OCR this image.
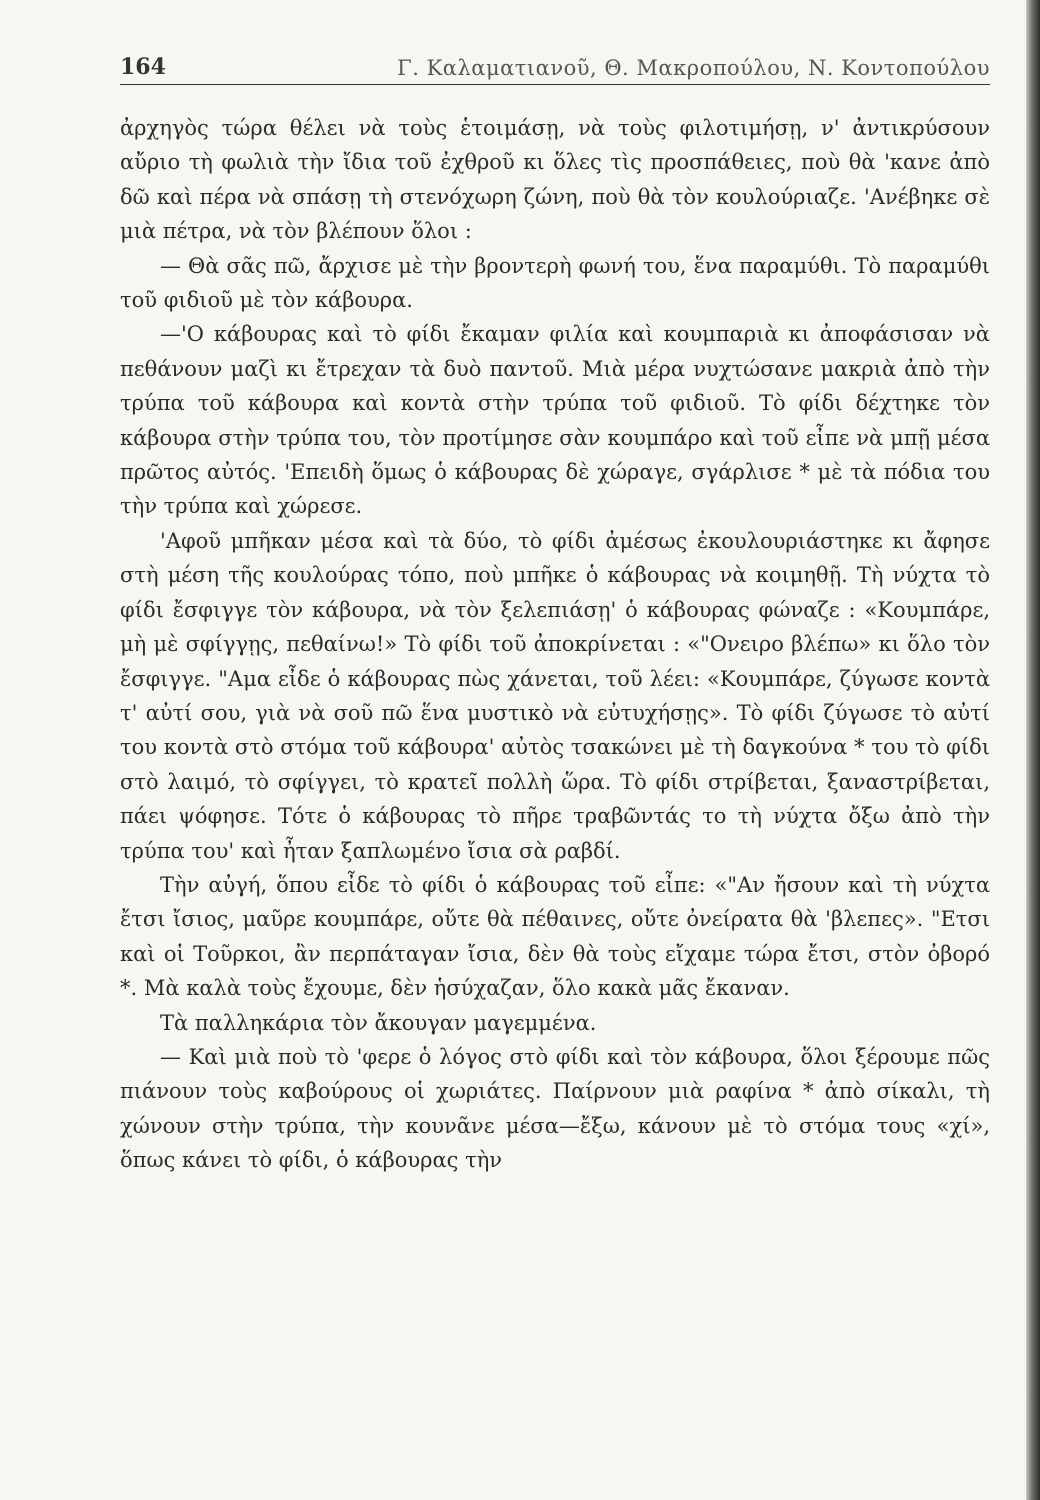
164	Γ. Καλαματιανοῦ, Θ. Μακροπούλου, Ν. Κοντοπούλου

ἀρχηγὸς τώρα θέλει νὰ τοὺς ἑτοιμάσῃ, νὰ τοὺς φιλοτιμήσῃ, ν' ἀντικρύσουν αὔριο τὴ φωλιὰ τὴν ἴδια τοῦ ἐχθροῦ κι ὅλες τὶς προσπάθειες, ποὺ θὰ 'κανε ἀπὸ δῶ καὶ πέρα νὰ σπάσῃ τὴ στενόχωρη ζώνη, ποὺ θὰ τὸν κουλούριαζε. 'Ανέβηκε σὲ μιὰ πέτρα, νὰ τὸν βλέπουν ὅλοι :

— Θὰ σᾶς πῶ, ἄρχισε μὲ τὴν βροντερὴ φωνή του, ἕνα παραμύθι. Τὸ παραμύθι τοῦ φιδιοῦ μὲ τὸν κάβουρα.

—'Ο κάβουρας καὶ τὸ φίδι ἔκαμαν φιλία καὶ κουμπαριὰ κι ἀποφάσισαν νὰ πεθάνουν μαζὶ κι ἔτρεχαν τὰ δυὸ παντοῦ. Μιὰ μέρα νυχτώσανε μακριὰ ἀπὸ τὴν τρύπα τοῦ κάβουρα καὶ κοντὰ στὴν τρύπα τοῦ φιδιοῦ. Τὸ φίδι δέχτηκε τὸν κάβουρα στὴν τρύπα του, τὸν προτίμησε σὰν κουμπάρο καὶ τοῦ εἶπε νὰ μπῇ μέσα πρῶτος αὐτός. 'Επειδὴ ὅμως ὁ κάβουρας δὲ χώραγε, σγάρλισε * μὲ τὰ πόδια του τὴν τρύπα καὶ χώρεσε.

'Αφοῦ μπῆκαν μέσα καὶ τὰ δύο, τὸ φίδι ἀμέσως ἐκουλουριάστηκε κι ἄφησε στὴ μέση τῆς κουλούρας τόπο, ποὺ μπῆκε ὁ κάβουρας νὰ κοιμηθῇ. Τὴ νύχτα τὸ φίδι ἔσφιγγε τὸν κάβουρα, νὰ τὸν ξελεπιάσῃ' ὁ κάβουρας φώναζε : «Κουμπάρε, μὴ μὲ σφίγγῃς, πεθαίνω!» Τὸ φίδι τοῦ ἀποκρίνεται : «"Ονειρο βλέπω» κι ὅλο τὸν ἔσφιγγε. "Αμα εἶδε ὁ κάβουρας πὼς χάνεται, τοῦ λέει: «Κουμπάρε, ζύγωσε κοντὰ τ' αὐτί σου, γιὰ νὰ σοῦ πῶ ἕνα μυστικὸ νὰ εὐτυχήσῃς». Τὸ φίδι ζύγωσε τὸ αὐτί του κοντὰ στὸ στόμα τοῦ κάβουρα' αὐτὸς τσακώνει μὲ τὴ δαγκούνα * του τὸ φίδι στὸ λαιμό, τὸ σφίγγει, τὸ κρατεῖ πολλὴ ὥρα. Τὸ φίδι στρίβεται, ξαναστρίβεται, πάει ψόφησε. Τότε ὁ κάβουρας τὸ πῆρε τραβῶντάς το τὴ νύχτα ὄξω ἀπὸ τὴν τρύπα του' καὶ ἦταν ξαπλωμένο ἴσια σὰ ραβδί.

Τὴν αὐγή, ὅπου εἶδε τὸ φίδι ὁ κάβουρας τοῦ εἶπε: «"Αν ἤσουν καὶ τὴ νύχτα ἔτσι ἴσιος, μαῦρε κουμπάρε, οὔτε θὰ πέθαινες, οὔτε ὀνείρατα θὰ 'βλεπες». "Ετσι καὶ οἱ Τοῦρκοι, ἂν περπάταγαν ἴσια, δὲν θὰ τοὺς εἴχαμε τώρα ἔτσι, στὸν ὀβορό *. Μὰ καλὰ τοὺς ἔχουμε, δὲν ἡσύχαζαν, ὅλο κακὰ μᾶς ἔκαναν.

Τὰ παλληκάρια τὸν ἄκουγαν μαγεμμένα.

— Καὶ μιὰ ποὺ τὸ 'φερε ὁ λόγος στὸ φίδι καὶ τὸν κάβουρα, ὅλοι ξέρουμε πῶς πιάνουν τοὺς καβούρους οἱ χωριάτες. Παίρνουν μιὰ ραφίνα * ἀπὸ σίκαλι, τὴ χώνουν στὴν τρύπα, τὴν κουνᾶνε μέσα—ἔξω, κάνουν μὲ τὸ στόμα τους «χί», ὅπως κάνει τὸ φίδι, ὁ κάβουρας τὴν
